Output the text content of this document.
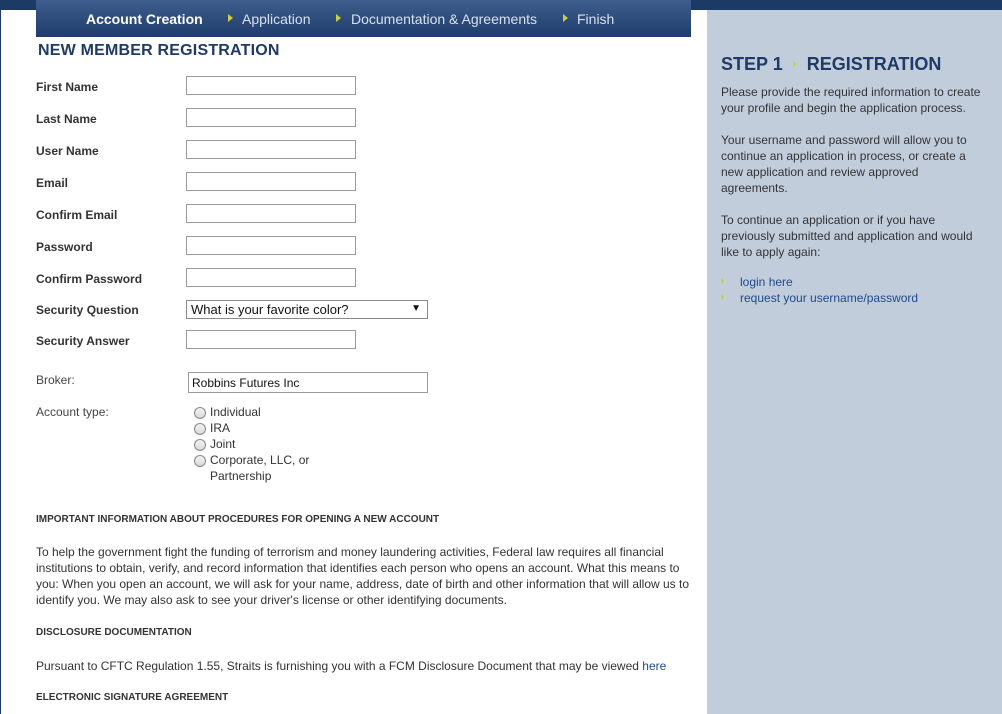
Account Creation	Application	Documentation & Agreements	Finish
NEW MEMBER REGISTRATION
First Name
Last Name
User Name
Email
Confirm Email
Password
Confirm Password
Security Question	What is your favorite color?	▼
Security Answer
Broker:
Robbins Futures Inc
Account type:	Individual
IRA
Joint
Corporate, LLC, or
Partnership
IMPORTANT INFORMATION ABOUT PROCEDURES FOR OPENING A NEW ACCOUNT
To help the government fight the funding of terrorism and money laundering activities, Federal law requires all financial institutions to obtain, verify, and record information that identifies each person who opens an account. What this means to you: When you open an account, we will ask for your name, address, date of birth and other information that will allow us to identify you. We may also ask to see your driver's license or other identifying documents.
DISCLOSURE DOCUMENTATION
Pursuant to CFTC Regulation 1.55, Straits is furnishing you with a FCM Disclosure Document that may be viewed here
ELECTRONIC SIGNATURE AGREEMENT
STEP 1 REGISTRATION
Please provide the required information to create your profile and begin the application process.
Your username and password will allow you to continue an application in process, or create a new application and review approved agreements.
To continue an application or if you have previously submitted and application and would like to apply again:
login here
request your username/password
